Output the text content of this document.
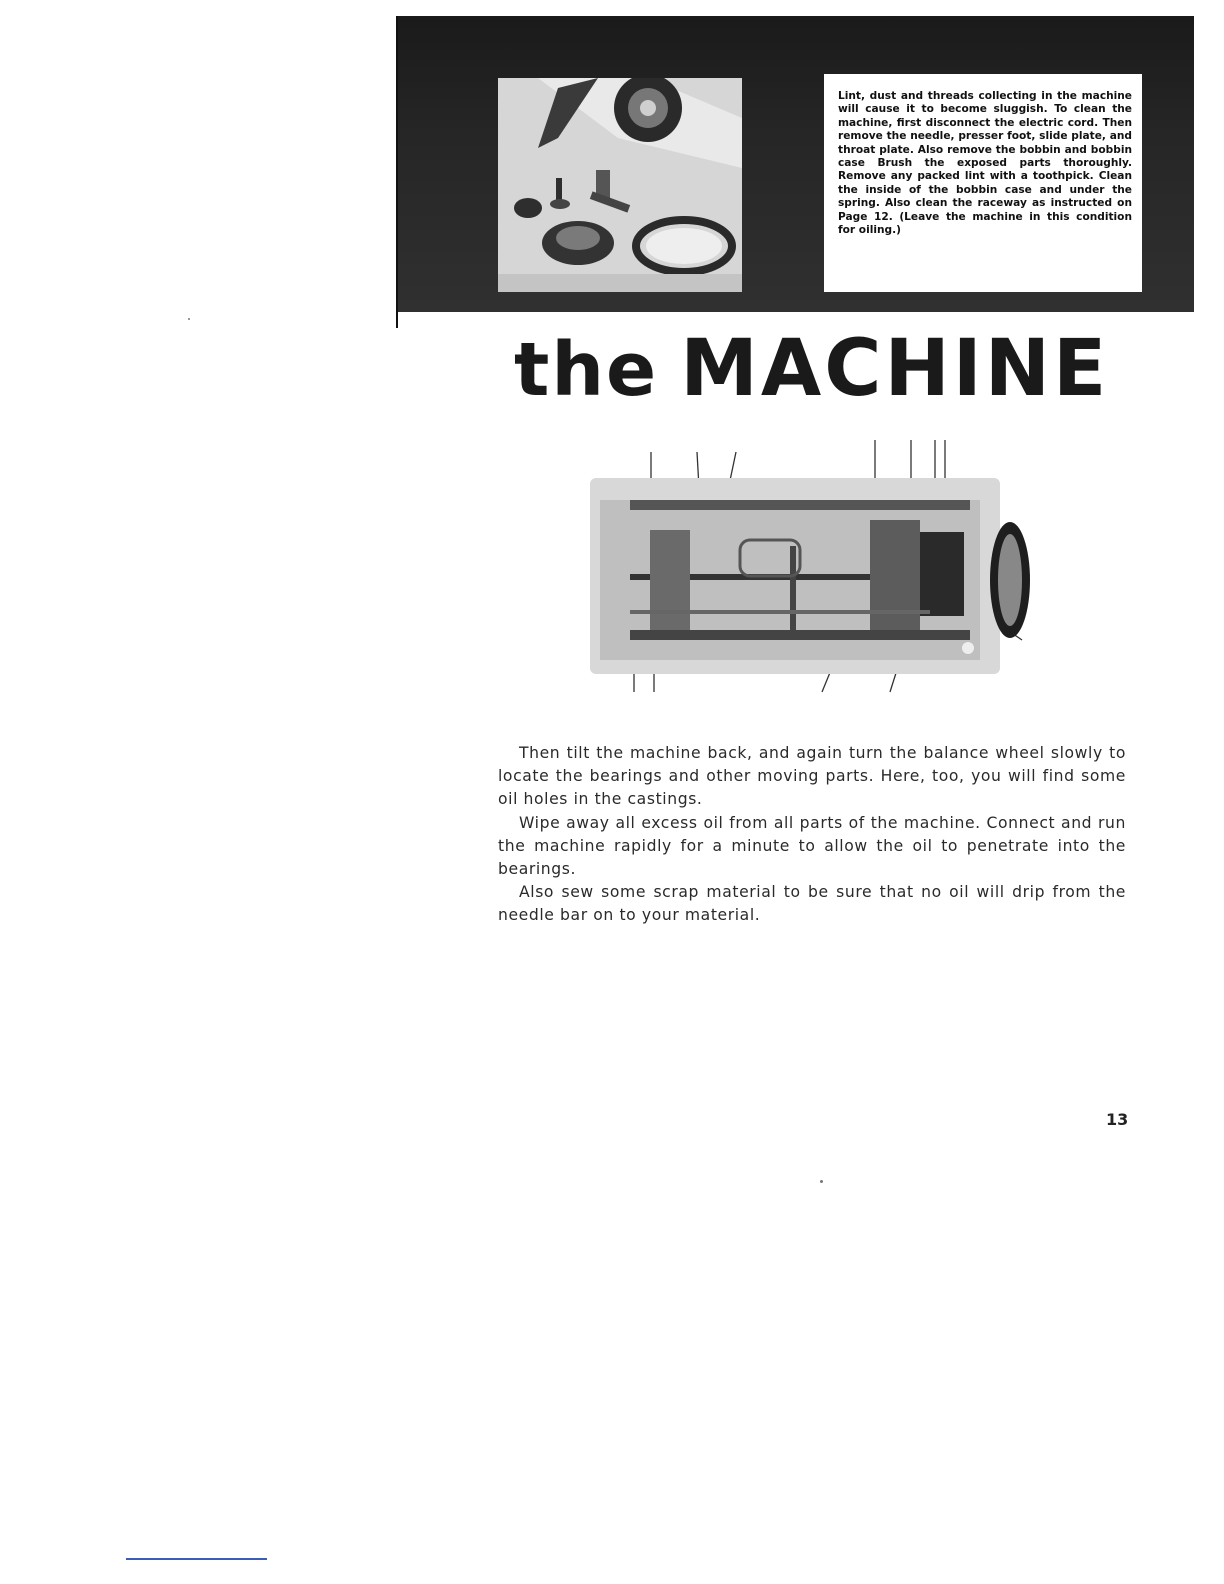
Lint, dust and threads collecting in the machine will cause it to become sluggish. To clean the machine, first disconnect the electric cord. Then remove the needle, presser foot, slide plate, and throat plate. Also remove the bobbin and bobbin case Brush the exposed parts thoroughly. Remove any packed lint with a toothpick. Clean the inside of the bobbin case and under the spring. Also clean the raceway as instructed on Page 12. (Leave the machine in this condition for oiling.)

the MACHINE

Then tilt the machine back, and again turn the balance wheel slowly to locate the bearings and other moving parts. Here, too, you will find some oil holes in the castings.

Wipe away all excess oil from all parts of the machine. Connect and run the machine rapidly for a minute to allow the oil to penetrate into the bearings.

Also sew some scrap material to be sure that no oil will drip from the needle bar on to your material.

13
